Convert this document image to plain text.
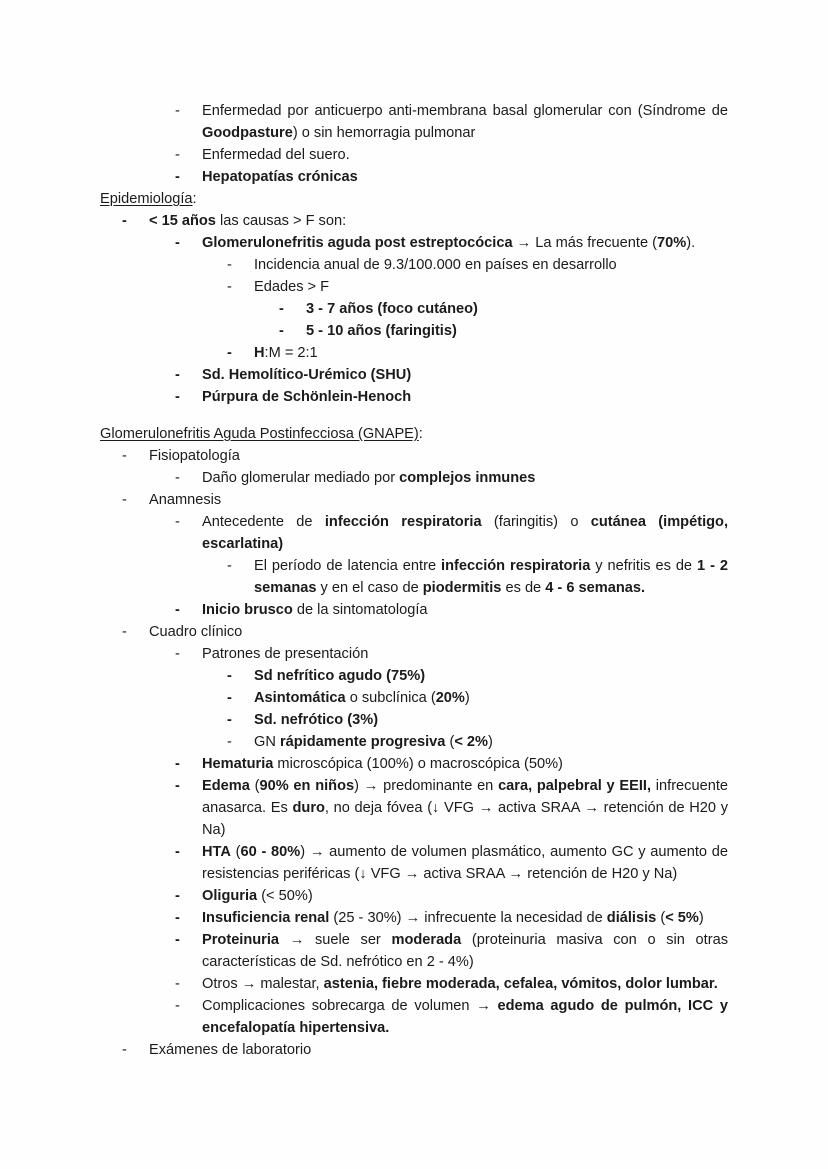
- Enfermedad por anticuerpo anti-membrana basal glomerular con (Síndrome de Goodpasture) o sin hemorragia pulmonar
- Enfermedad del suero.
- Hepatopatías crónicas
Epidemiología:
- < 15 años las causas > F son:
- Glomerulonefritis aguda post estreptocócica → La más frecuente (70%).
- Incidencia anual de 9.3/100.000 en países en desarrollo
- Edades > F
- 3 - 7 años (foco cutáneo)
- 5 - 10 años (faringitis)
- H:M = 2:1
- Sd. Hemolítico-Urémico (SHU)
- Púrpura de Schönlein-Henoch
Glomerulonefritis Aguda Postinfecciosa (GNAPE):
- Fisiopatología
- Daño glomerular mediado por complejos inmunes
- Anamnesis
- Antecedente de infección respiratoria (faringitis) o cutánea (impétigo, escarlatina)
- El período de latencia entre infección respiratoria y nefritis es de 1 - 2 semanas y en el caso de piodermitis es de 4 - 6 semanas.
- Inicio brusco de la sintomatología
- Cuadro clínico
- Patrones de presentación
- Sd nefrítico agudo (75%)
- Asintomática o subclínica (20%)
- Sd. nefrótico (3%)
- GN rápidamente progresiva (< 2%)
- Hematuria microscópica (100%) o macroscópica (50%)
- Edema (90% en niños) → predominante en cara, palpebral y EEII, infrecuente anasarca. Es duro, no deja fóvea (↓ VFG → activa SRAA → retención de H20 y Na)
- HTA (60 - 80%) → aumento de volumen plasmático, aumento GC y aumento de resistencias periféricas (↓ VFG → activa SRAA → retención de H20 y Na)
- Oliguria (< 50%)
- Insuficiencia renal (25 - 30%) → infrecuente la necesidad de diálisis (< 5%)
- Proteinuria → suele ser moderada (proteinuria masiva con o sin otras características de Sd. nefrótico en 2 - 4%)
- Otros → malestar, astenia, fiebre moderada, cefalea, vómitos, dolor lumbar.
- Complicaciones sobrecarga de volumen → edema agudo de pulmón, ICC y encefalopatía hipertensiva.
- Exámenes de laboratorio
